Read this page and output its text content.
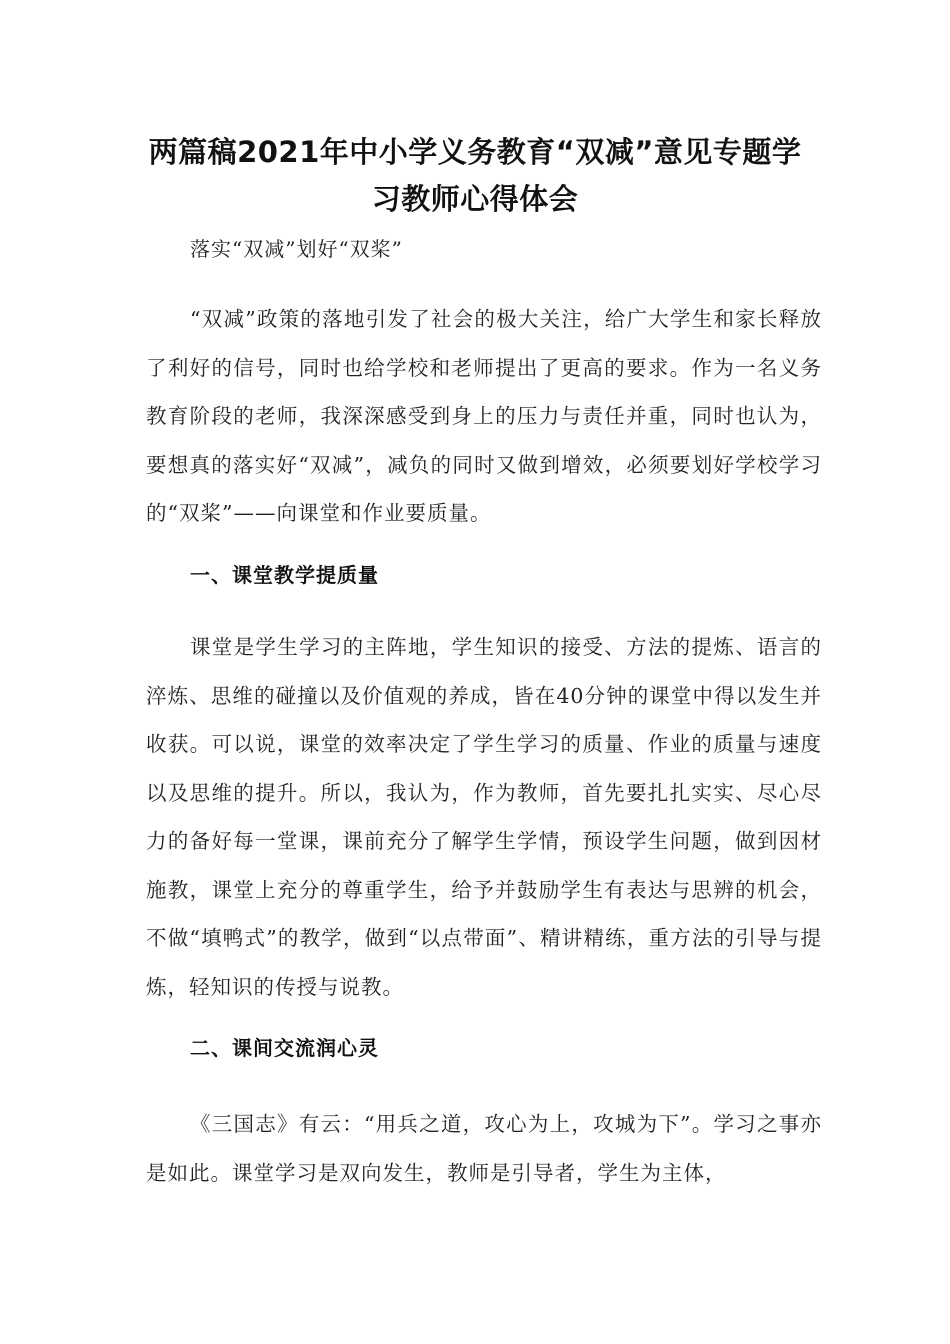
两篇稿2021年中小学义务教育“双减”意见专题学
习教师心得体会
落实“双减”划好“双桨”

“双减”政策的落地引发了社会的极大关注，给广大学生和家长释放了利好的信号，同时也给学校和老师提出了更高的要求。作为一名义务教育阶段的老师，我深深感受到身上的压力与责任并重，同时也认为，要想真的落实好“双减”，减负的同时又做到增效，必须要划好学校学习的“双桨”——向课堂和作业要质量。

一、课堂教学提质量

课堂是学生学习的主阵地，学生知识的接受、方法的提炼、语言的淬炼、思维的碰撞以及价值观的养成，皆在40分钟的课堂中得以发生并收获。可以说，课堂的效率决定了学生学习的质量、作业的质量与速度以及思维的提升。所以，我认为，作为教师，首先要扎扎实实、尽心尽力的备好每一堂课，课前充分了解学生学情，预设学生问题，做到因材施教，课堂上充分的尊重学生，给予并鼓励学生有表达与思辨的机会，不做“填鸭式”的教学，做到“以点带面”、精讲精练，重方法的引导与提炼，轻知识的传授与说教。

二、课间交流润心灵

《三国志》有云：“用兵之道，攻心为上，攻城为下”。学习之事亦是如此。课堂学习是双向发生，教师是引导者，学生为主体，
